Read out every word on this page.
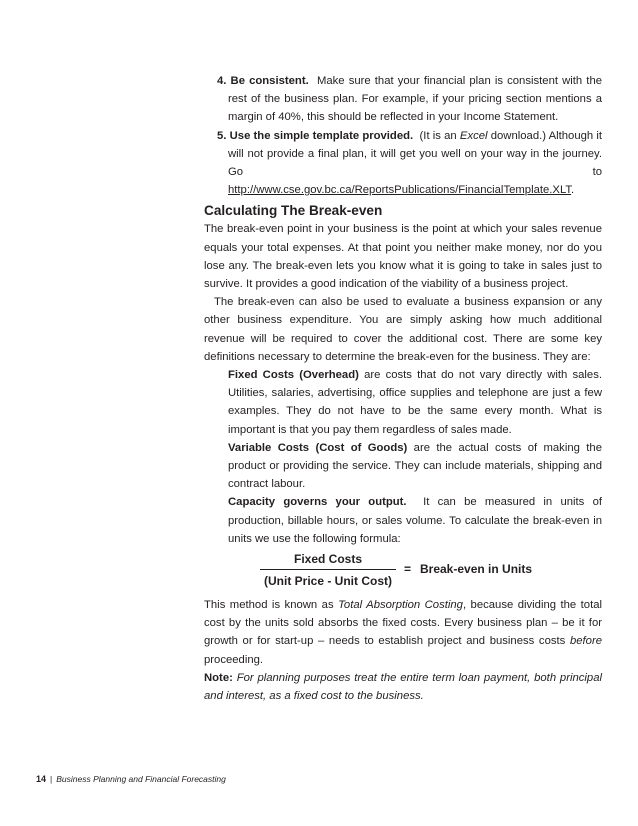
4. Be consistent. Make sure that your financial plan is consistent with the rest of the business plan. For example, if your pricing section mentions a margin of 40%, this should be reflected in your Income Statement.

5. Use the simple template provided. (It is an Excel download.) Although it will not provide a final plan, it will get you well on your way in the journey. Go to http://www.cse.gov.bc.ca/ReportsPublications/FinancialTemplate.XLT.

Calculating The Break-even

The break-even point in your business is the point at which your sales revenue equals your total expenses. At that point you neither make money, nor do you lose any. The break-even lets you know what it is going to take in sales just to survive. It provides a good indication of the viability of a business project.

The break-even can also be used to evaluate a business expansion or any other business expenditure. You are simply asking how much additional revenue will be required to cover the additional cost. There are some key definitions necessary to determine the break-even for the business. They are:

Fixed Costs (Overhead) are costs that do not vary directly with sales. Utilities, salaries, advertising, office supplies and telephone are just a few examples. They do not have to be the same every month. What is important is that you pay them regardless of sales made.

Variable Costs (Cost of Goods) are the actual costs of making the product or providing the service. They can include materials, shipping and contract labour.

Capacity governs your output. It can be measured in units of production, billable hours, or sales volume. To calculate the break-even in units we use the following formula:

Fixed Costs
(Unit Price - Unit Cost)
= Break-even in Units

This method is known as Total Absorption Costing, because dividing the total cost by the units sold absorbs the fixed costs. Every business plan – be it for growth or for start-up – needs to establish project and business costs before proceeding.

Note: For planning purposes treat the entire term loan payment, both principal and interest, as a fixed cost to the business.

14 | Business Planning and Financial Forecasting
